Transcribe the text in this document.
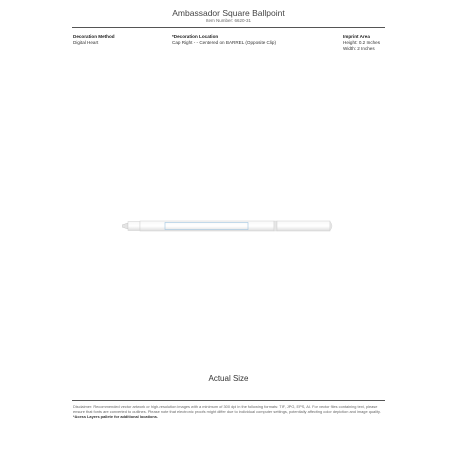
Ambassador Square Ballpoint
Item Number: 6620-31
Decoration Method
Digital Heart
*Decoration Location
Cap Right - - Centered on BARREL (Opposite Clip)
Imprint Area
Height: 0.2 Inches
Width: 2 Inches
Actual Size
Disclaimer: Recommended vector artwork or high-resolution images with a minimum of 300 dpi in the following formats: TIF, JPG, EPS, AI. For vector files containing text, please ensure that fonts are converted to outlines. Please note that electronic proofs might differ due to individual computer settings, potentially affecting color depiction and image quality. *Acess Layers pallete for additional locations.
